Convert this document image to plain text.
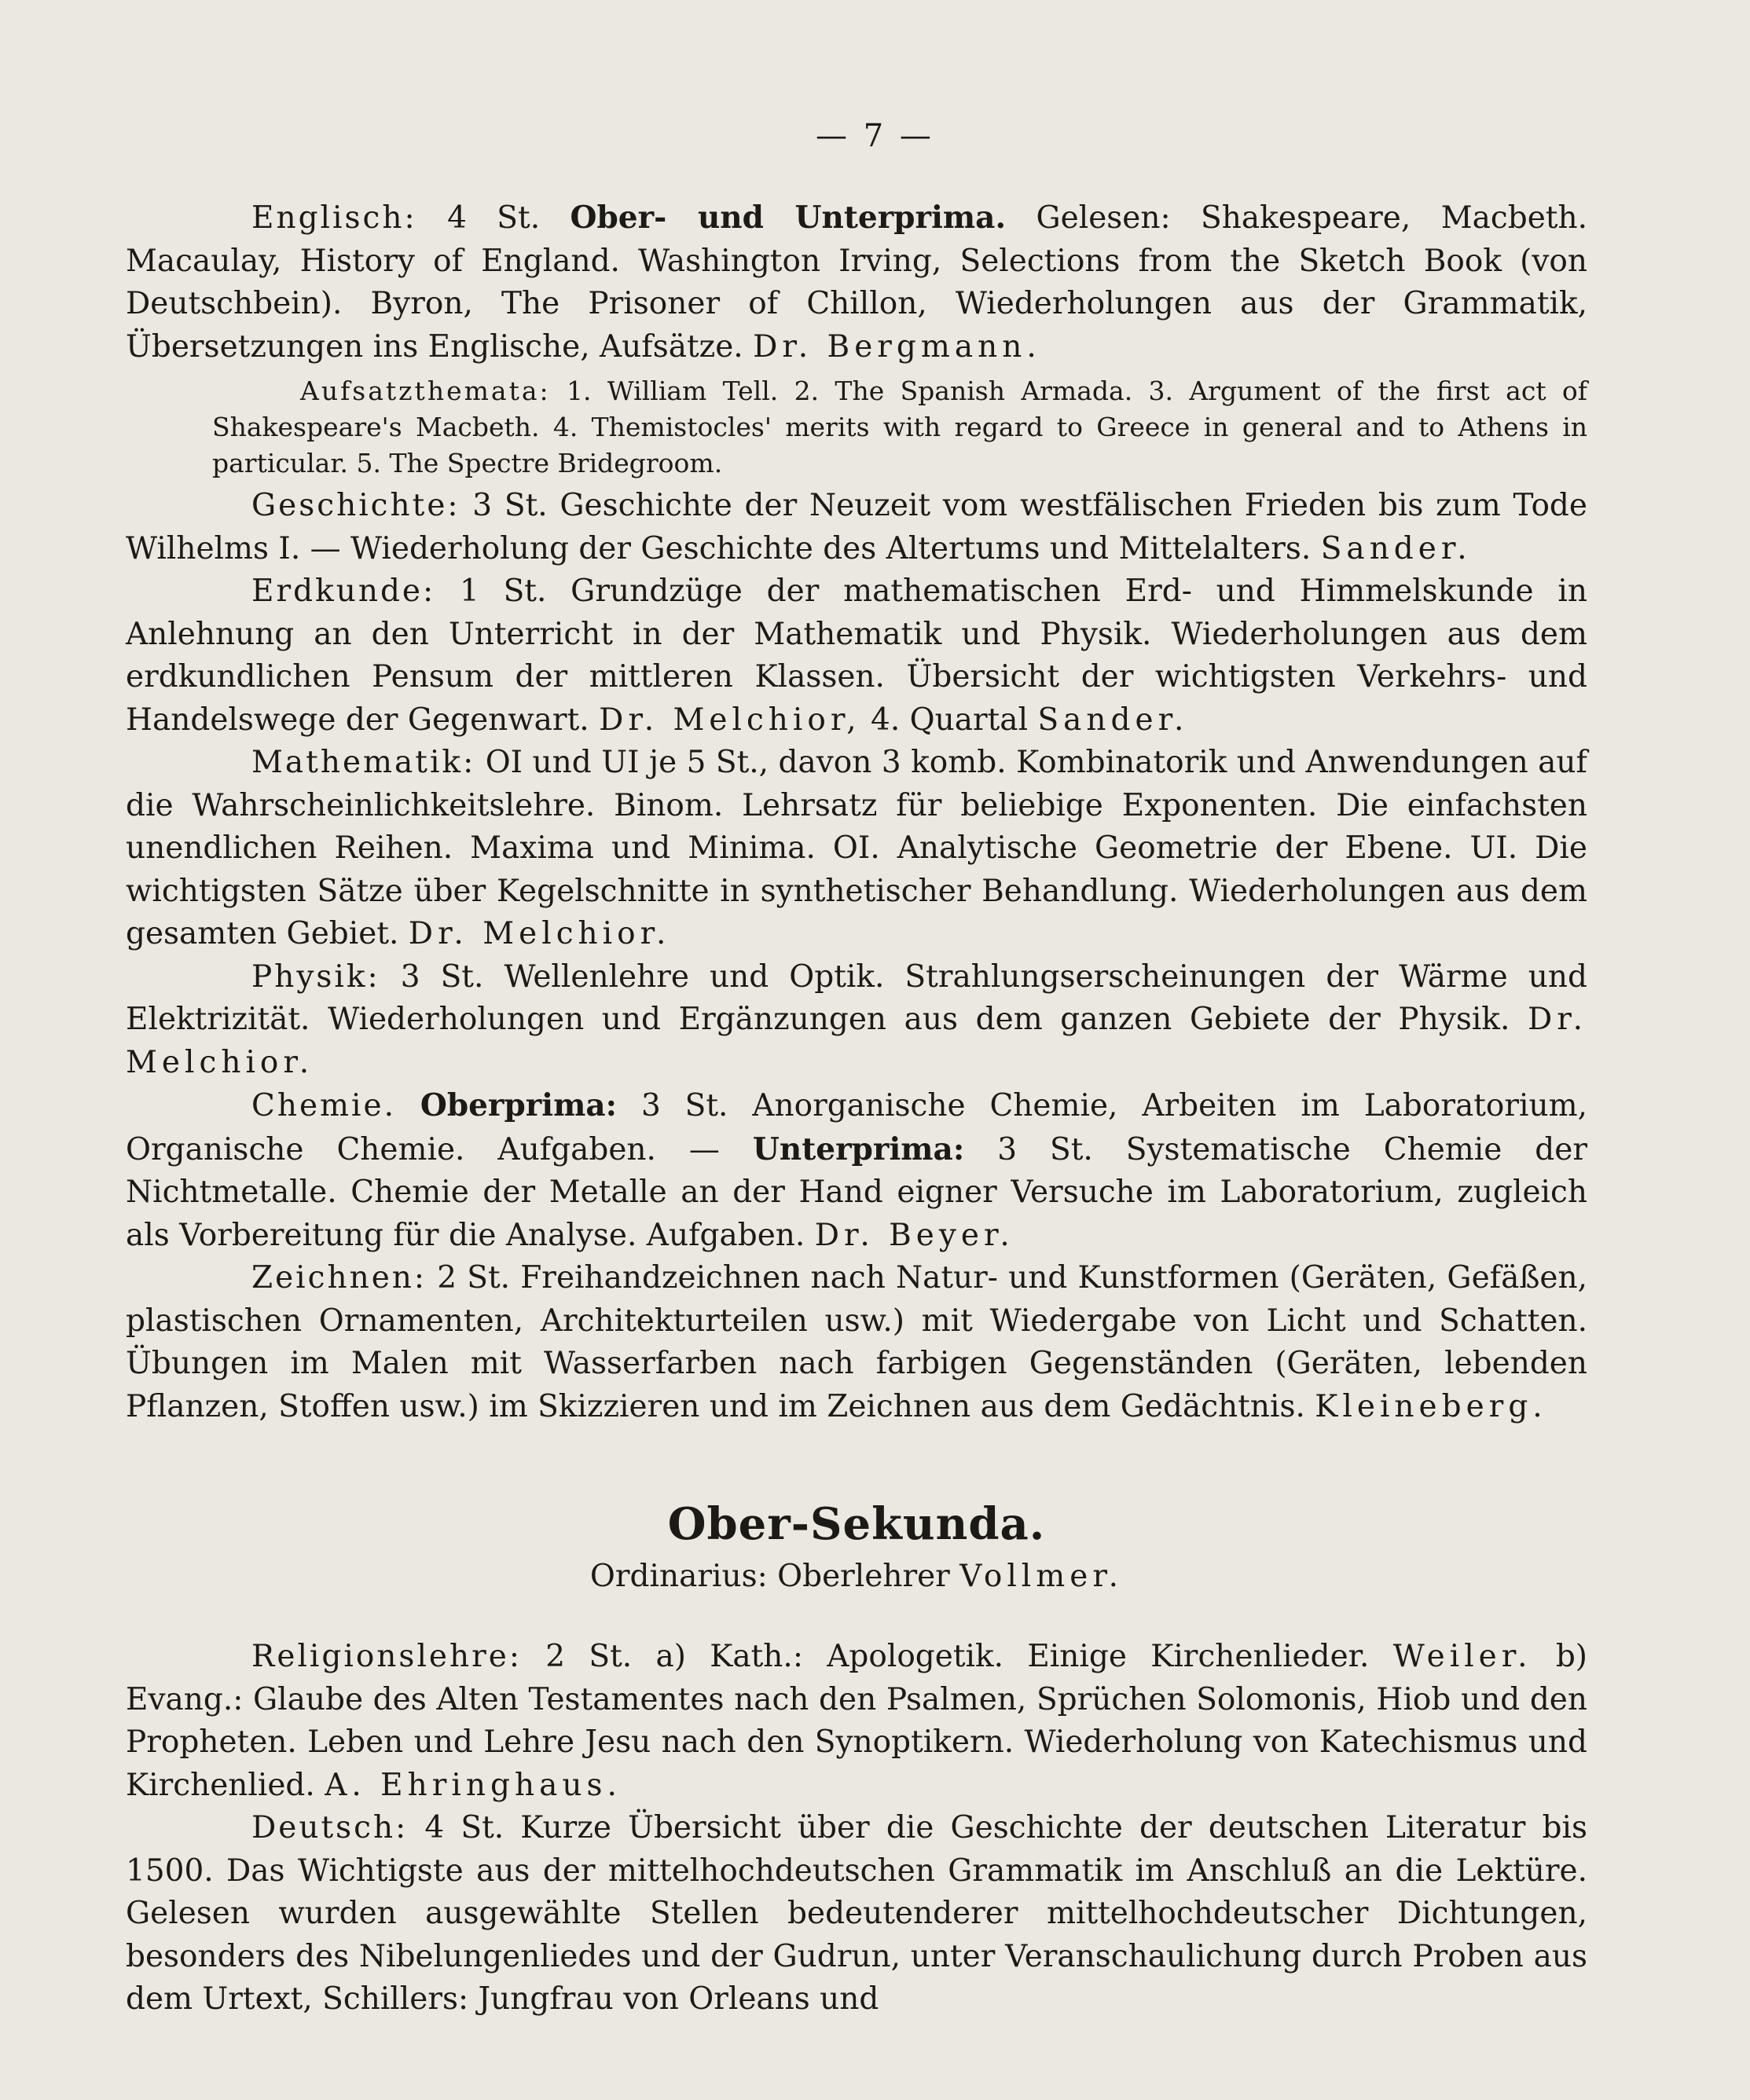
— 7 —

Englisch: 4 St. Ober- und Unterprima. Gelesen: Shakespeare, Macbeth. Macaulay, History of England. Washington Irving, Selections from the Sketch Book (von Deutschbein). Byron, The Prisoner of Chillon, Wiederholungen aus der Grammatik, Übersetzungen ins Englische, Aufsätze. Dr. Bergmann.

Aufsatzthemata: 1. William Tell. 2. The Spanish Armada. 3. Argument of the first act of Shakespeare's Macbeth. 4. Themistocles' merits with regard to Greece in general and to Athens in particular. 5. The Spectre Bridegroom.

Geschichte: 3 St. Geschichte der Neuzeit vom westfälischen Frieden bis zum Tode Wilhelms I. — Wiederholung der Geschichte des Altertums und Mittelalters. Sander.

Erdkunde: 1 St. Grundzüge der mathematischen Erd- und Himmelskunde in Anlehnung an den Unterricht in der Mathematik und Physik. Wiederholungen aus dem erdkundlichen Pensum der mittleren Klassen. Übersicht der wichtigsten Verkehrs- und Handelswege der Gegenwart. Dr. Melchior, 4. Quartal Sander.

Mathematik: OI und UI je 5 St., davon 3 komb. Kombinatorik und Anwendungen auf die Wahrscheinlichkeitslehre. Binom. Lehrsatz für beliebige Exponenten. Die einfachsten unendlichen Reihen. Maxima und Minima. OI. Analytische Geometrie der Ebene. UI. Die wichtigsten Sätze über Kegelschnitte in synthetischer Behandlung. Wiederholungen aus dem gesamten Gebiet. Dr. Melchior.

Physik: 3 St. Wellenlehre und Optik. Strahlungserscheinungen der Wärme und Elektrizität. Wiederholungen und Ergänzungen aus dem ganzen Gebiete der Physik. Dr. Melchior.

Chemie. Oberprima: 3 St. Anorganische Chemie, Arbeiten im Laboratorium, Organische Chemie. Aufgaben. — Unterprima: 3 St. Systematische Chemie der Nichtmetalle. Chemie der Metalle an der Hand eigner Versuche im Laboratorium, zugleich als Vorbereitung für die Analyse. Aufgaben. Dr. Beyer.

Zeichnen: 2 St. Freihandzeichnen nach Natur- und Kunstformen (Geräten, Gefäßen, plastischen Ornamenten, Architekturteilen usw.) mit Wiedergabe von Licht und Schatten. Übungen im Malen mit Wasserfarben nach farbigen Gegenständen (Geräten, lebenden Pflanzen, Stoffen usw.) im Skizzieren und im Zeichnen aus dem Gedächtnis. Kleineberg.

Ober-Sekunda.
Ordinarius: Oberlehrer Vollmer.

Religionslehre: 2 St. a) Kath.: Apologetik. Einige Kirchenlieder. Weiler. b) Evang.: Glaube des Alten Testamentes nach den Psalmen, Sprüchen Solomonis, Hiob und den Propheten. Leben und Lehre Jesu nach den Synoptikern. Wiederholung von Katechismus und Kirchenlied. A. Ehringhaus.

Deutsch: 4 St. Kurze Übersicht über die Geschichte der deutschen Literatur bis 1500. Das Wichtigste aus der mittelhochdeutschen Grammatik im Anschluß an die Lektüre. Gelesen wurden ausgewählte Stellen bedeutenderer mittelhochdeutscher Dichtungen, besonders des Nibelungenliedes und der Gudrun, unter Veranschaulichung durch Proben aus dem Urtext, Schillers: Jungfrau von Orleans und
